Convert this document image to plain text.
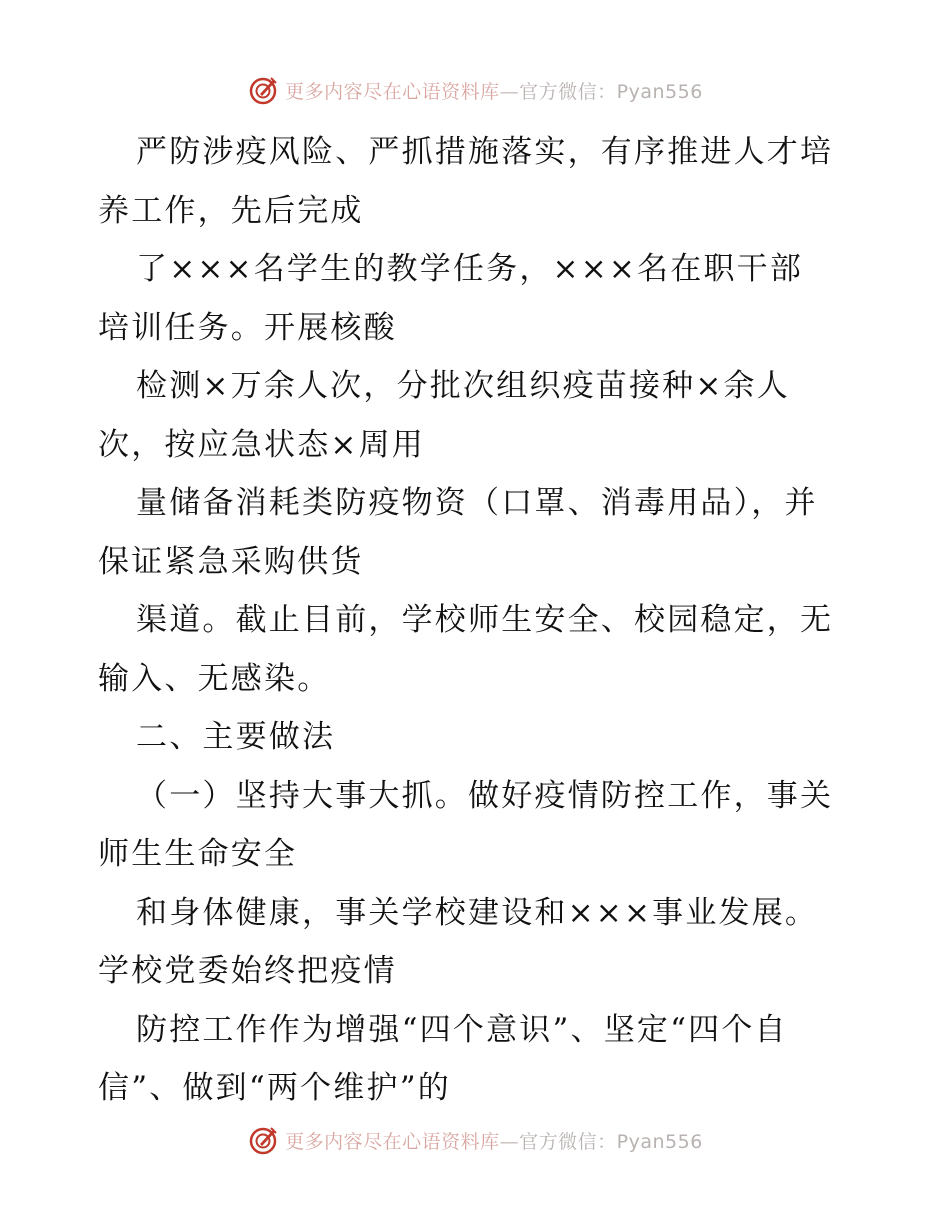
更多内容尽在心语资料库—官方微信：Pyan556
严防涉疫风险、严抓措施落实，有序推进人才培
养工作，先后完成
了×××名学生的教学任务，×××名在职干部
培训任务。开展核酸
检测×万余人次，分批次组织疫苗接种×余人
次，按应急状态×周用
量储备消耗类防疫物资（口罩、消毒用品），并
保证紧急采购供货
渠道。截止目前，学校师生安全、校园稳定，无
输入、无感染。
二、主要做法
（一）坚持大事大抓。做好疫情防控工作，事关
师生生命安全
和身体健康，事关学校建设和×××事业发展。
学校党委始终把疫情
防控工作作为增强“四个意识”、坚定“四个自
信”、做到“两个维护”的
更多内容尽在心语资料库—官方微信：Pyan556
